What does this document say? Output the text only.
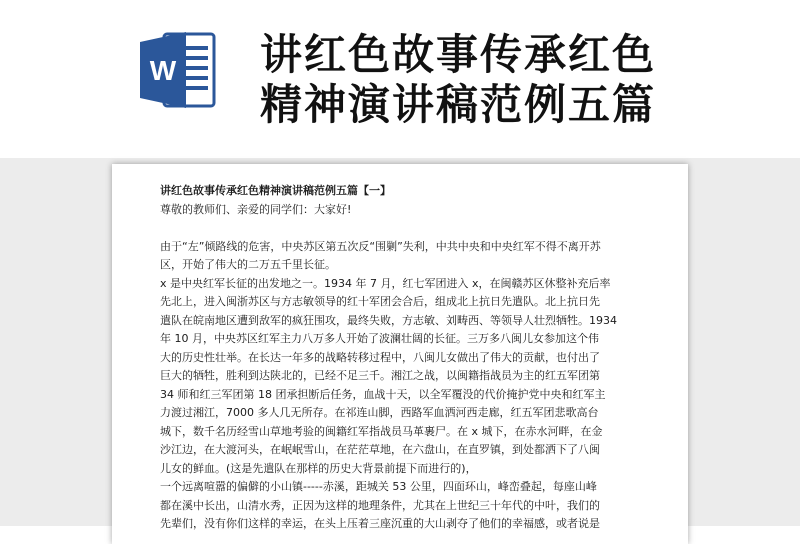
W 讲红色故事传承红色
精神演讲稿范例五篇
讲红色故事传承红色精神演讲稿范例五篇【一】
尊敬的教师们、亲爱的同学们：大家好!
由于“左”倾路线的危害，中央苏区第五次反“围剿”失利，中共中央和中央红军不得不离开苏
区，开始了伟大的二万五千里长征。
x 是中央红军长征的出发地之一。1934 年 7 月，红七军团进入 x，在闽赣苏区休整补充后率
先北上，进入闽浙苏区与方志敏领导的红十军团会合后，组成北上抗日先遣队。北上抗日先
遣队在皖南地区遭到敌军的疯狂围攻，最终失败，方志敏、刘畴西、等领导人壮烈牺牲。1934
年 10 月，中央苏区红军主力八万多人开始了波澜壮阔的长征。三万多八闽儿女参加这个伟
大的历史性壮举。在长达一年多的战略转移过程中，八闽儿女做出了伟大的贡献，也付出了
巨大的牺牲，胜利到达陕北的，已经不足三千。湘江之战，以闽籍指战员为主的红五军团第
34 师和红三军团第 18 团承担断后任务，血战十天，以全军覆没的代价掩护党中央和红军主
力渡过湘江，7000 多人几无所存。在祁连山脚，西路军血洒河西走廊，红五军团悲歌高台
城下，数千名历经雪山草地考验的闽籍红军指战员马革裹尸。在 x 城下，在赤水河畔，在金
沙江边，在大渡河头，在岷岷雪山，在茫茫草地，在六盘山，在直罗镇，到处都洒下了八闽
儿女的鲜血。(这是先遣队在那样的历史大背景前提下而进行的)，
一个远离喧嚣的偏僻的小山镇-----赤溪，距城关 53 公里，四面环山，峰峦叠起，每座山峰
都在溪中长出，山清水秀，正因为这样的地理条件，尤其在上世纪三十年代的中叶，我们的
先辈们，没有你们这样的幸运，在头上压着三座沉重的大山剥夺了他们的幸福感，或者说是
